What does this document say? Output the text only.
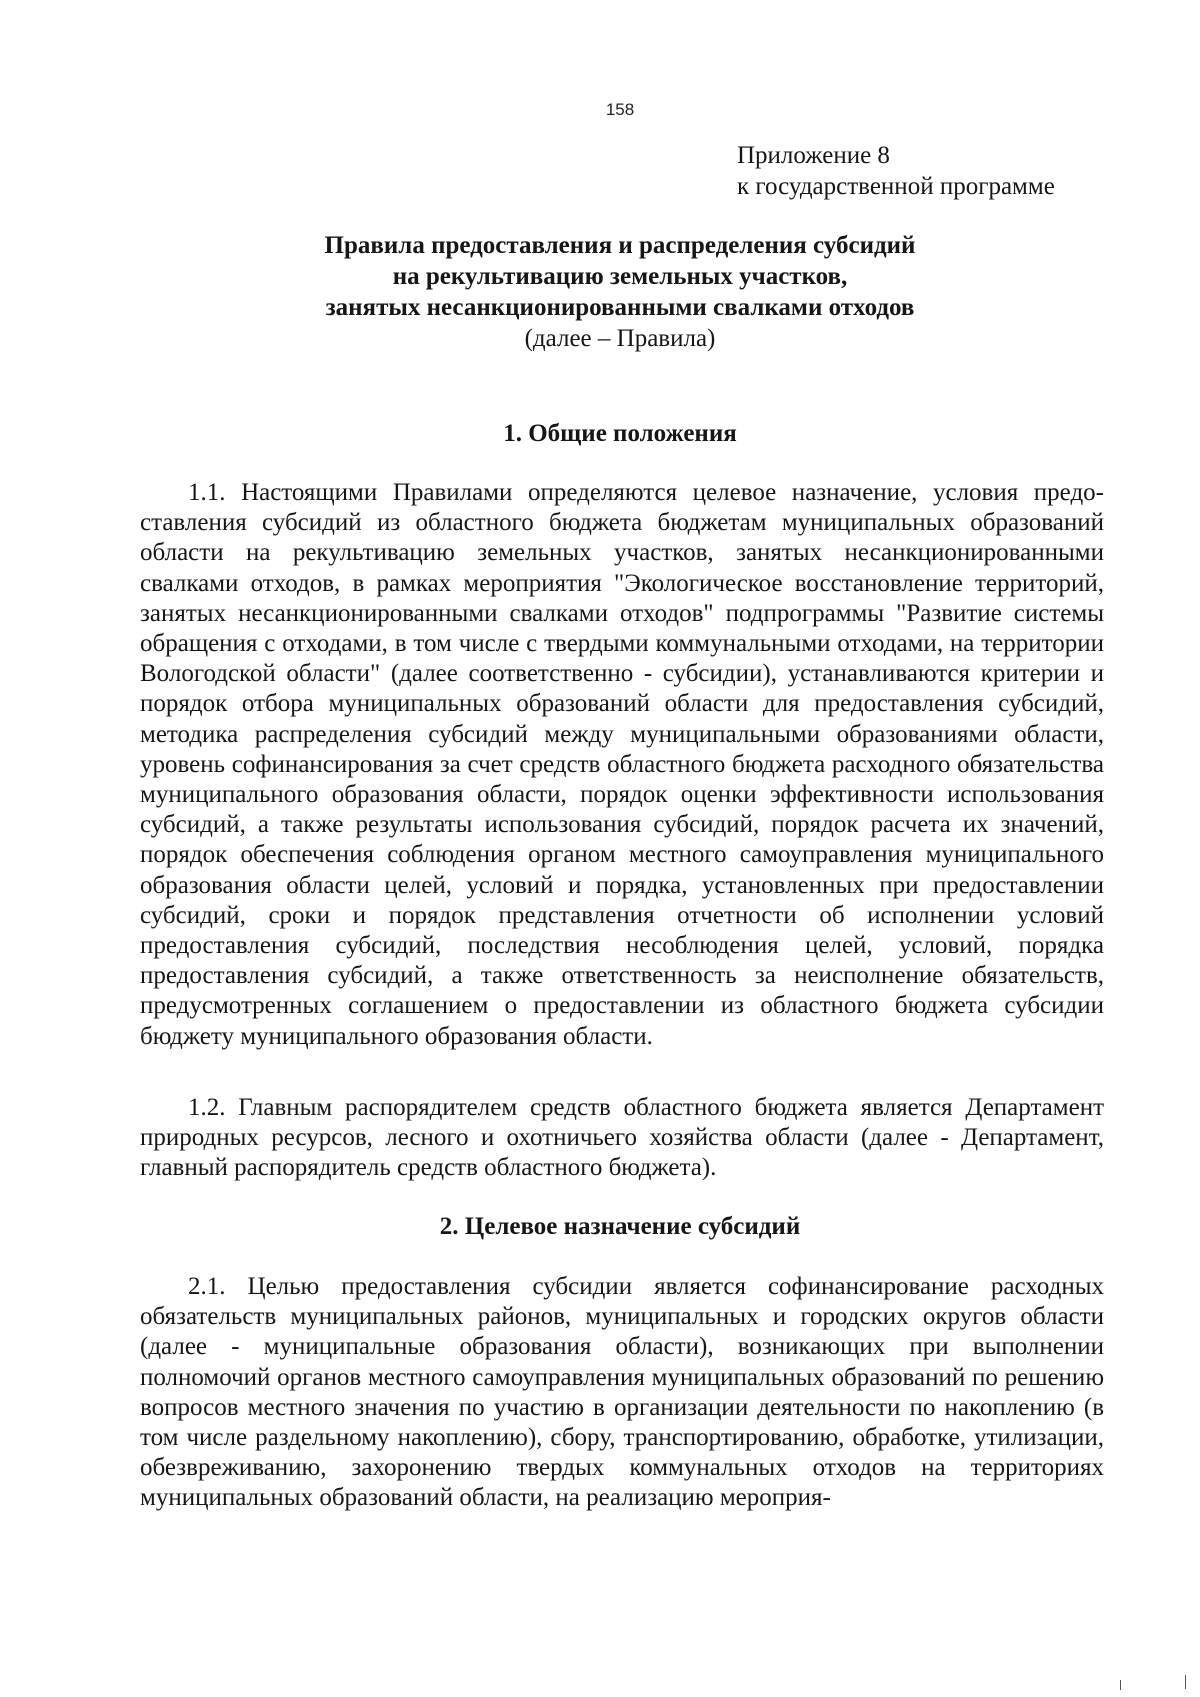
158
Приложение 8
к государственной программе
Правила предоставления и распределения субсидий
на рекультивацию земельных участков,
занятых несанкционированными свалками отходов
(далее – Правила)
1. Общие положения

1.1. Настоящими Правилами определяются целевое назначение, условия предоставления субсидий из областного бюджета бюджетам муниципальных образований области на рекультивацию земельных участков, занятых несанкционированными свалками отходов, в рамках мероприятия "Экологическое восстановление территорий, занятых несанкционированными свалками отходов" подпрограммы "Развитие системы обращения с отходами, в том числе с твердыми коммунальными отходами, на территории Вологодской области" (далее соответственно - субсидии), устанавливаются критерии и порядок отбора муниципальных образований области для предоставления субсидий, методика распределения субсидий между муниципальными образованиями области, уровень софинансирования за счет средств областного бюджета расходного обязательства муниципального образования области, порядок оценки эффективности использования субсидий, а также результаты использования субсидий, порядок расчета их значений, порядок обеспечения соблюдения органом местного самоуправления муниципального образования области целей, условий и порядка, установленных при предоставлении субсидий, сроки и порядок представления отчетности об исполнении условий предоставления субсидий, последствия несоблюдения целей, условий, порядка предоставления субсидий, а также ответственность за неисполнение обязательств, предусмотренных соглашением о предоставлении из областного бюджета субсидии бюджету муниципального образования области.

1.2. Главным распорядителем средств областного бюджета является Департамент природных ресурсов, лесного и охотничьего хозяйства области (далее - Департамент, главный распорядитель средств областного бюджета).

2. Целевое назначение субсидий

2.1. Целью предоставления субсидии является софинансирование расходных обязательств муниципальных районов, муниципальных и городских округов области (далее - муниципальные образования области), возникающих при выполнении полномочий органов местного самоуправления муниципальных образований по решению вопросов местного значения по участию в организации деятельности по накоплению (в том числе раздельному накоплению), сбору, транспортированию, обработке, утилизации, обезвреживанию, захоронению твердых коммунальных отходов на территориях муниципальных образований области, на реализацию мероприя-
